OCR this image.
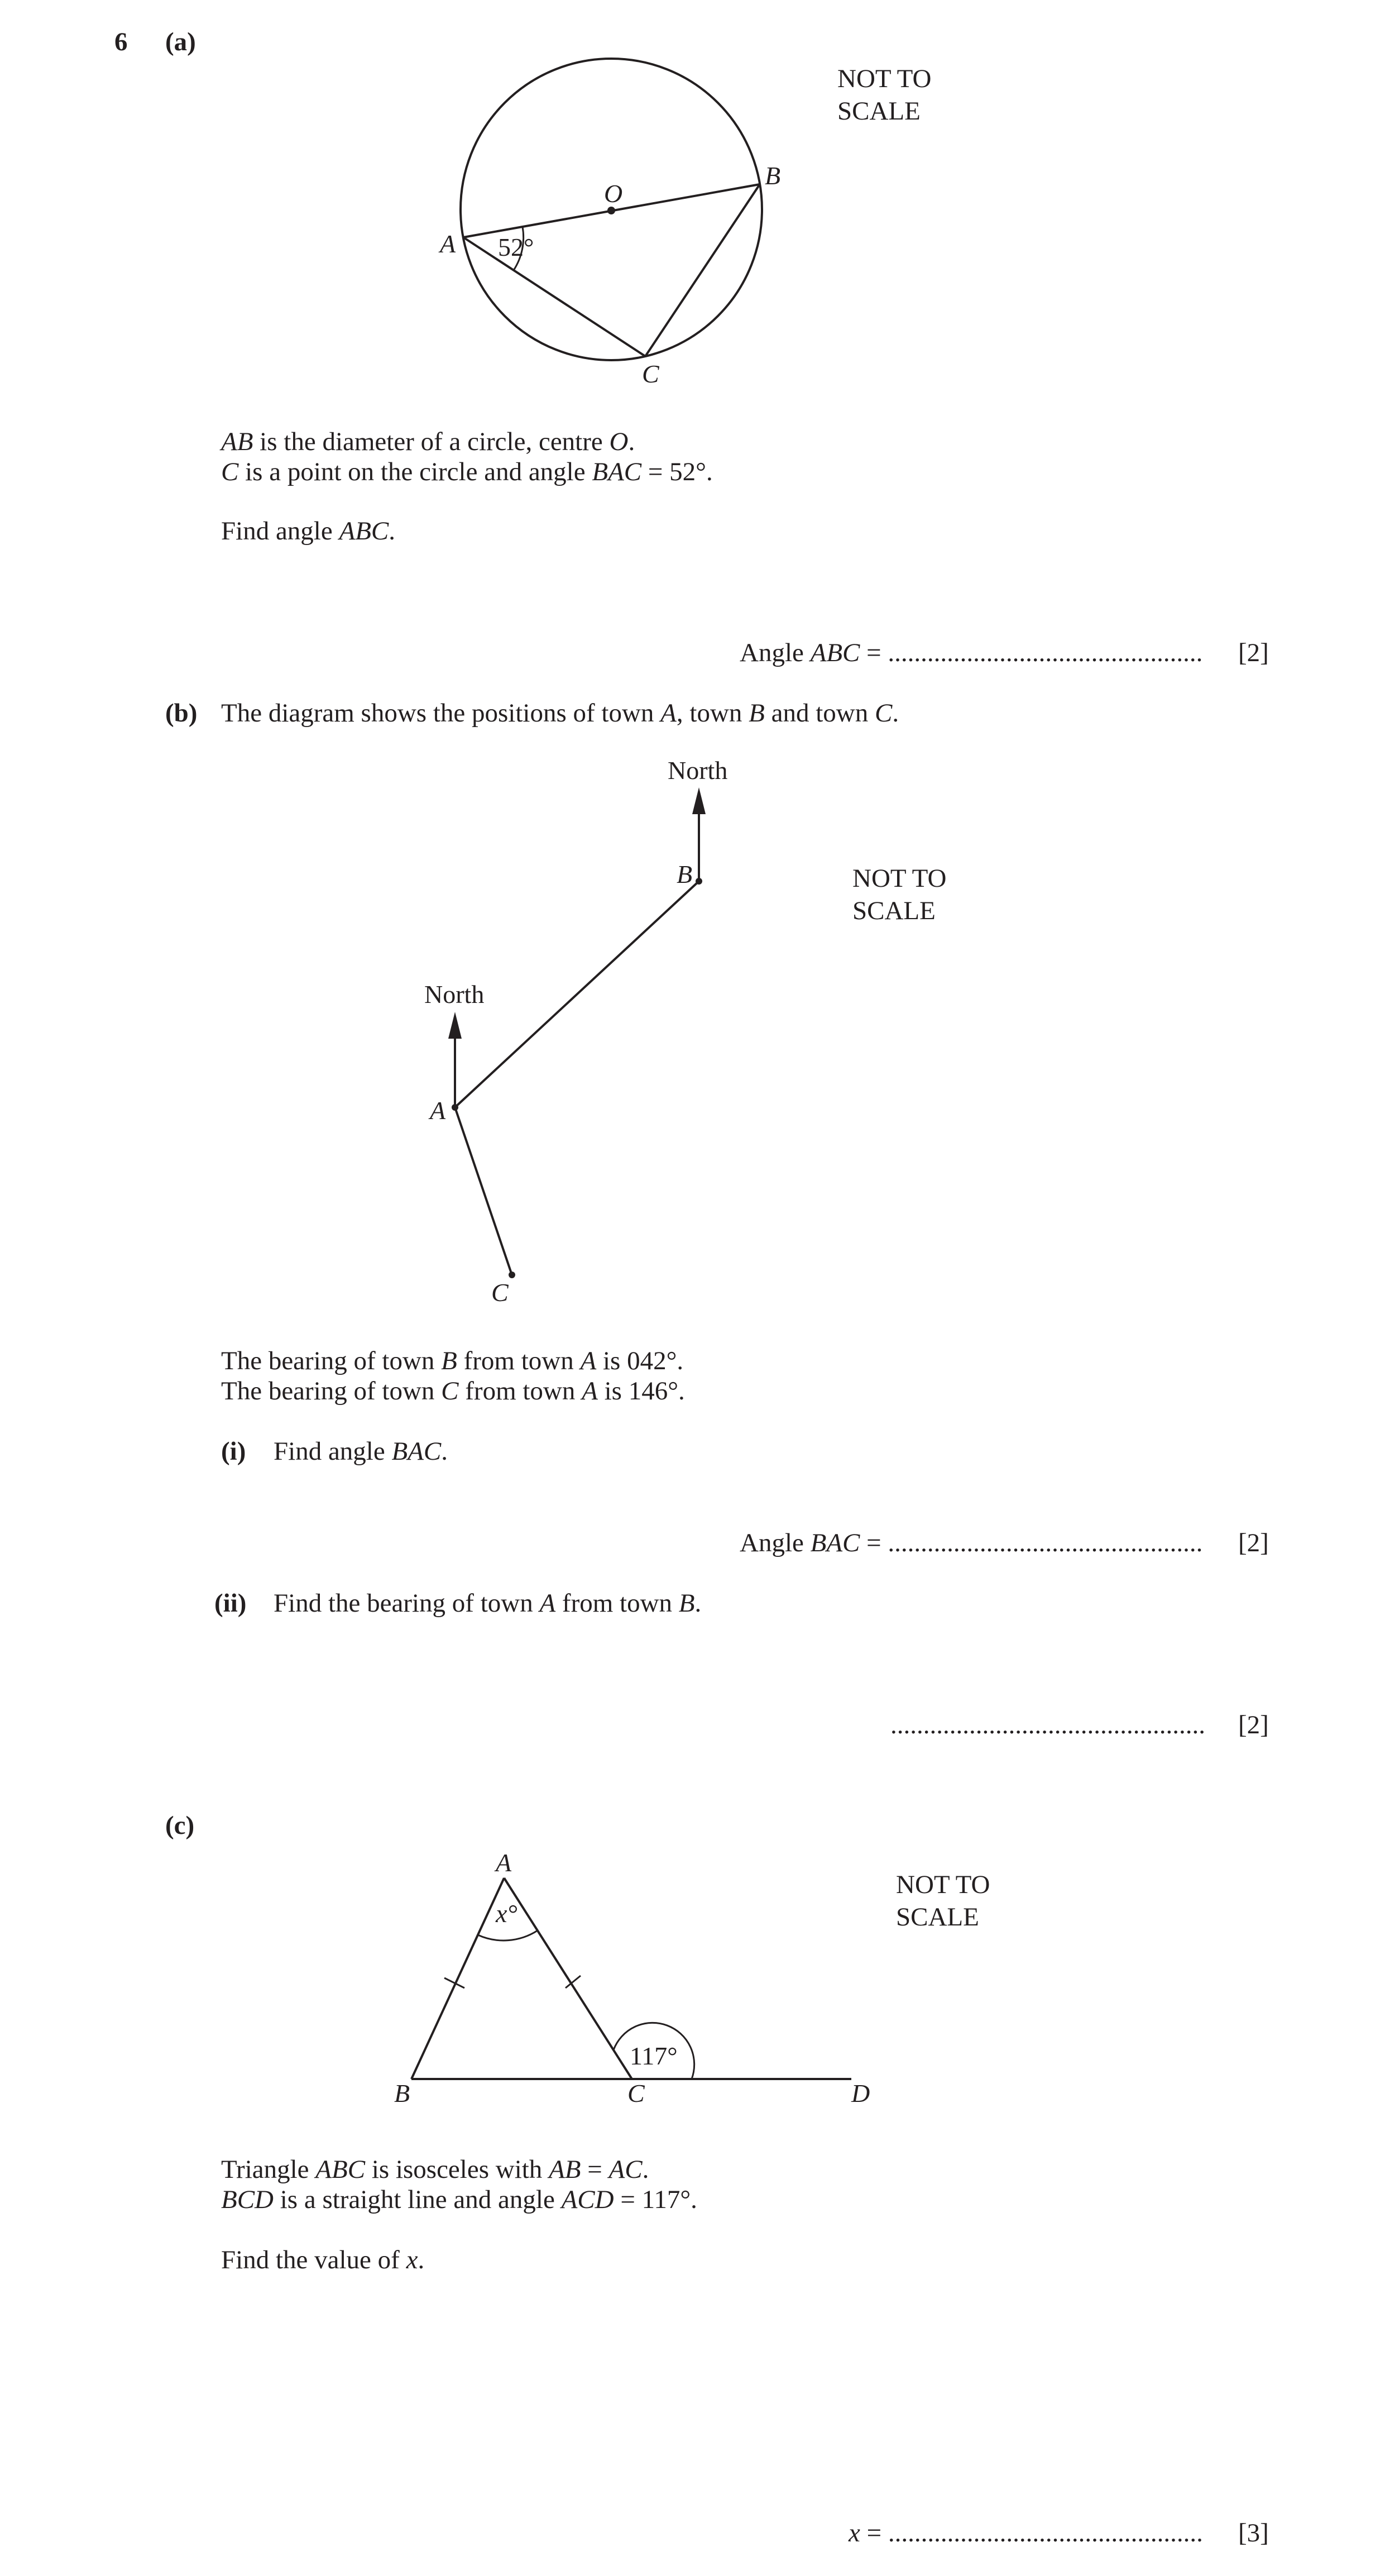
6 (a)
O
A
B
C
52°
North
North
B
A
C
A
B	C	D
x°
117°
NOT TO
SCALE
AB is the diameter of a circle, centre O.
C is a point on the circle and angle BAC = 52°.
Find angle ABC.
Angle ABC = ................................................ [2]
(b) The diagram shows the positions of town A, town B and town C.
NOT TO
SCALE
The bearing of town B from town A is 042°.
The bearing of town C from town A is 146°.
(i) Find angle BAC.
Angle BAC = ................................................ [2]
(ii) Find the bearing of town A from town B.
................................................ [2]
(c)
NOT TO
SCALE
Triangle ABC is isosceles with AB = AC.
BCD is a straight line and angle ACD = 117°.
Find the value of x.
x = ................................................ [3]
